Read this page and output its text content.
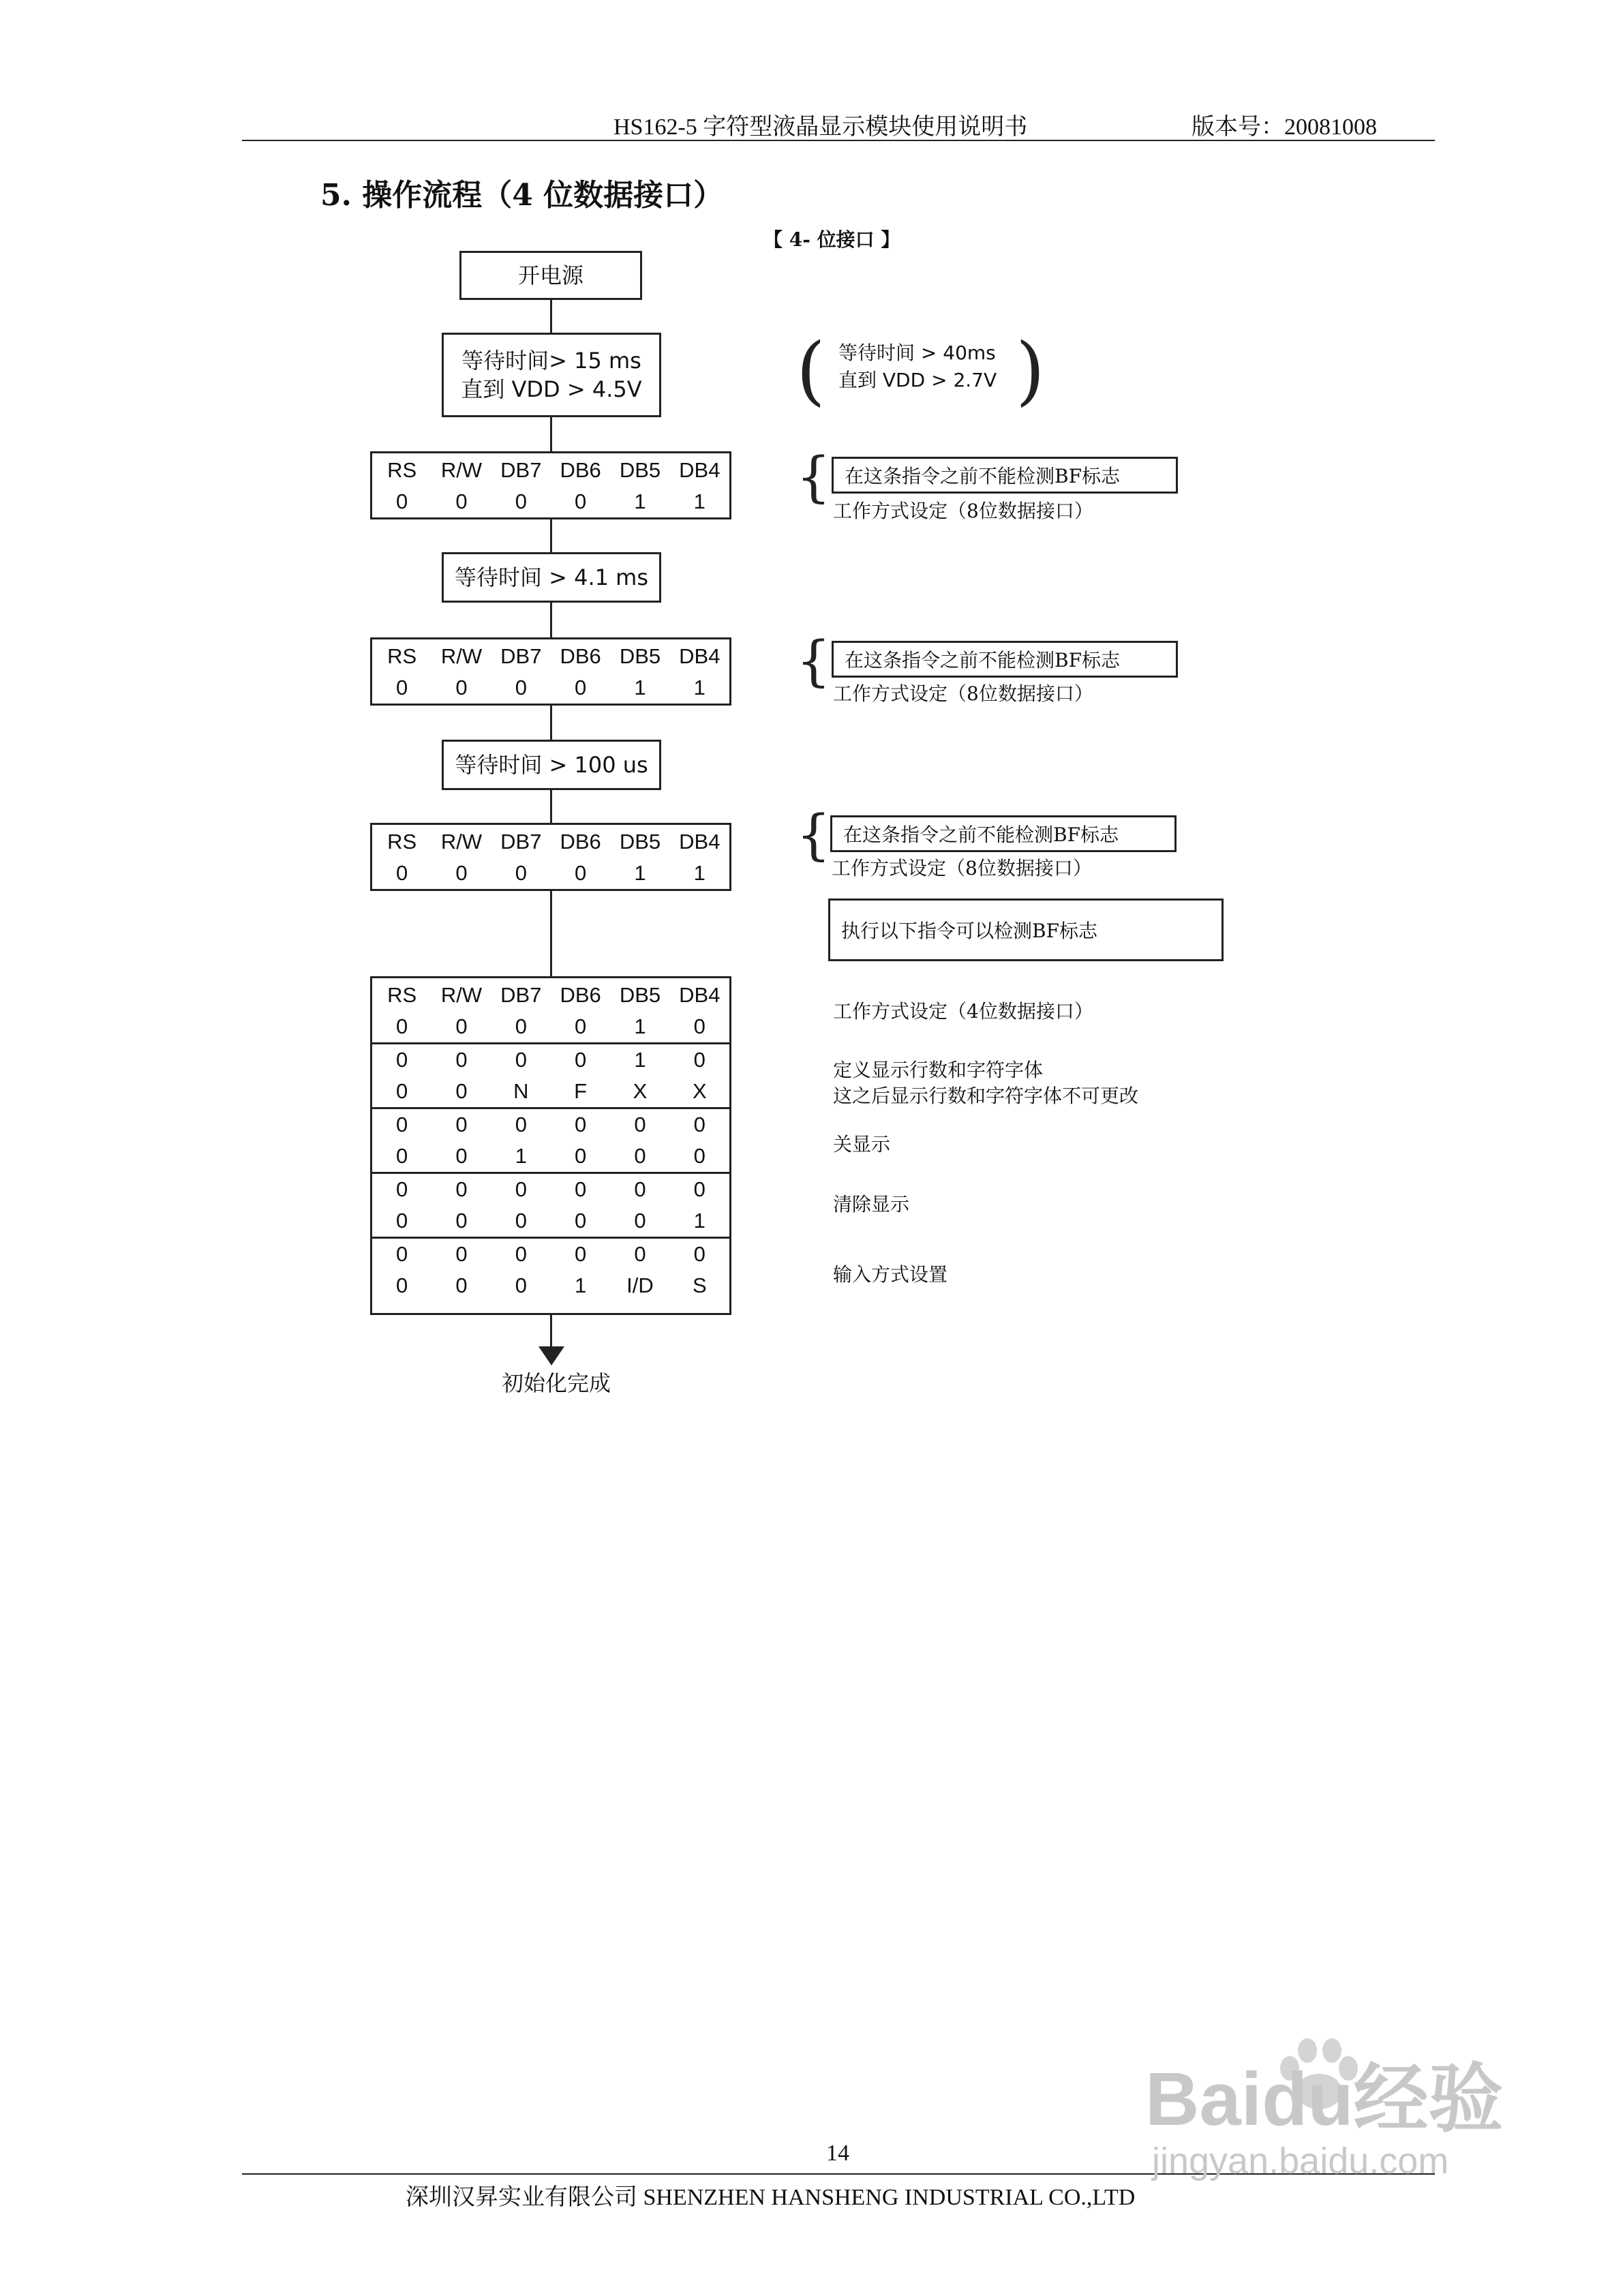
HS162-5 字符型液晶显示模块使用说明书	版本号：20081008
5. 操作流程（4 位数据接口）
【 4- 位接口 】
开电源
等待时间> 15 ms
直到 VDD > 4.5V
RS	R/W DB7 DB6 DB5 DB4
0	0	0	0	1	1
等待时间 > 4.1 ms
RS	R/W DB7 DB6 DB5 DB4
0	0	0	0	1	1
等待时间 > 100 us
RS	R/W DB7 DB6 DB5 DB4
0	0	0	0	1	1
RS	R/W DB7 DB6 DB5 DB4
0	0	0	0	1	0
0	0	0	0	1	0
0	0	N	F	X	X
0	0	0	0	0	0
0	0	1	0	0	0
0	0	0	0	0	0
0	0	0	0	0	1
0	0	0	0	0	0
0	0	0	1	I/D	S
初始化完成
( 等待时间 > 40ms
直到 VDD > 2.7V )
{ 在这条指令之前不能检测BF标志
工作方式设定（8位数据接口）
{ 在这条指令之前不能检测BF标志
工作方式设定（8位数据接口）
{ 在这条指令之前不能检测BF标志
工作方式设定（8位数据接口）
执行以下指令可以检测BF标志
工作方式设定（4位数据接口）
定义显示行数和字符字体
这之后显示行数和字符字体不可更改
关显示
清除显示
输入方式设置
14
深圳汉昇实业有限公司 SHENZHEN HANSHENG INDUSTRIAL CO.,LTD
Baidu经验
jingyan.baidu.com
